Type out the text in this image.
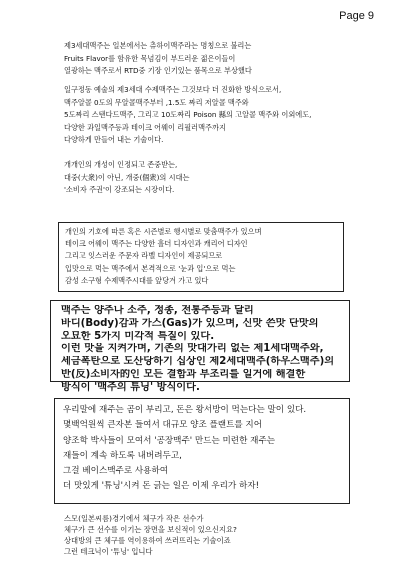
Page 9
제3세대맥주는 일본에서는 츄하이맥주라는 명칭으로 불리는
Fruits Flavor를 함유한 목넘김이 부드러운 젊은이들이
열광하는 맥주로서 RTD중 기장 인기있는 품목으로 부상했다
일구정동 예술의 제3세대 수제맥주는 그것보다 더 진화한 방식으로서,
맥주알콜 0도의 무알콜맥주부터 ,1.5도 짜리 저알콜 맥주와
5도짜리 스탠다드맥주, 그리고 10도짜리 Poison 縣의 고알콜 맥주와 이외에도,
다양한 과일맥주등과 테이크 어웨이 리필러맥주까지
다양하게 만들어 내는 기술이다.
개개인의 개성이 인정되고 존중받는,
대중(大衆)이 아닌, 개중(個衆)의 시대는
'소비자 주권'이 강조되는 시장이다.
개인의 기호에 따른 혹은 시즌별로 행시별로 맞춤맥주가 있으며
테이크 어웨이 맥주는 다양한 흘더 디자인과 캐리어 디자인
그리고 잇스러운 주문자 라벨 디자인이 제공되므로
입맛으로 먹는 맥주에서 본격적으로 '눈과 입'으로 먹는
감성 소구형 수제맥주시대를 앞당겨 가고 있다
맥주는 양주나 소주, 정종, 전통주등과 달리
바디(Body)감과 가스(Gas)가 있으며, 신맛 쓴맛 단맛의
오묘한 5가지 미각적 특질이 있다.
이런 맛을 지켜가며, 기존의 맛대가리 없는 제1세대맥주와,
세금폭탄으로 도산당하기 십상인 제2세대맥주(하우스맥주)의
반(反)소비자的인 모든 결함과 부조리를 일거에 해결한
방식이 '맥주의 튜닝' 방식이다.
우리말에 재주는 곰이 부리고, 돈은 왕서방이 먹는다는 말이 있다.
몇백억원씩 큰자본 들여서 대규모 양조 플랜트를 지어
양조학 박사들이 모여서 '공장맥주' 만드는 미련한 재주는
재들이 계속 하도록 내버려두고,
그걸 베이스맥주로 사용하여
더 맛있게 '튜닝'시켜 돈 긁는 일은 이제 우리가 하자!
스모(일본씨름)경기에서 체구가 작은 선수가
체구가 큰 선수를 이기는 장면을 보신적이 있으신지요?
상대방의 큰 체구를 역이용하여 쓰러뜨리는 기술이죠
그런 테크닉이 '튜닝' 입니다
